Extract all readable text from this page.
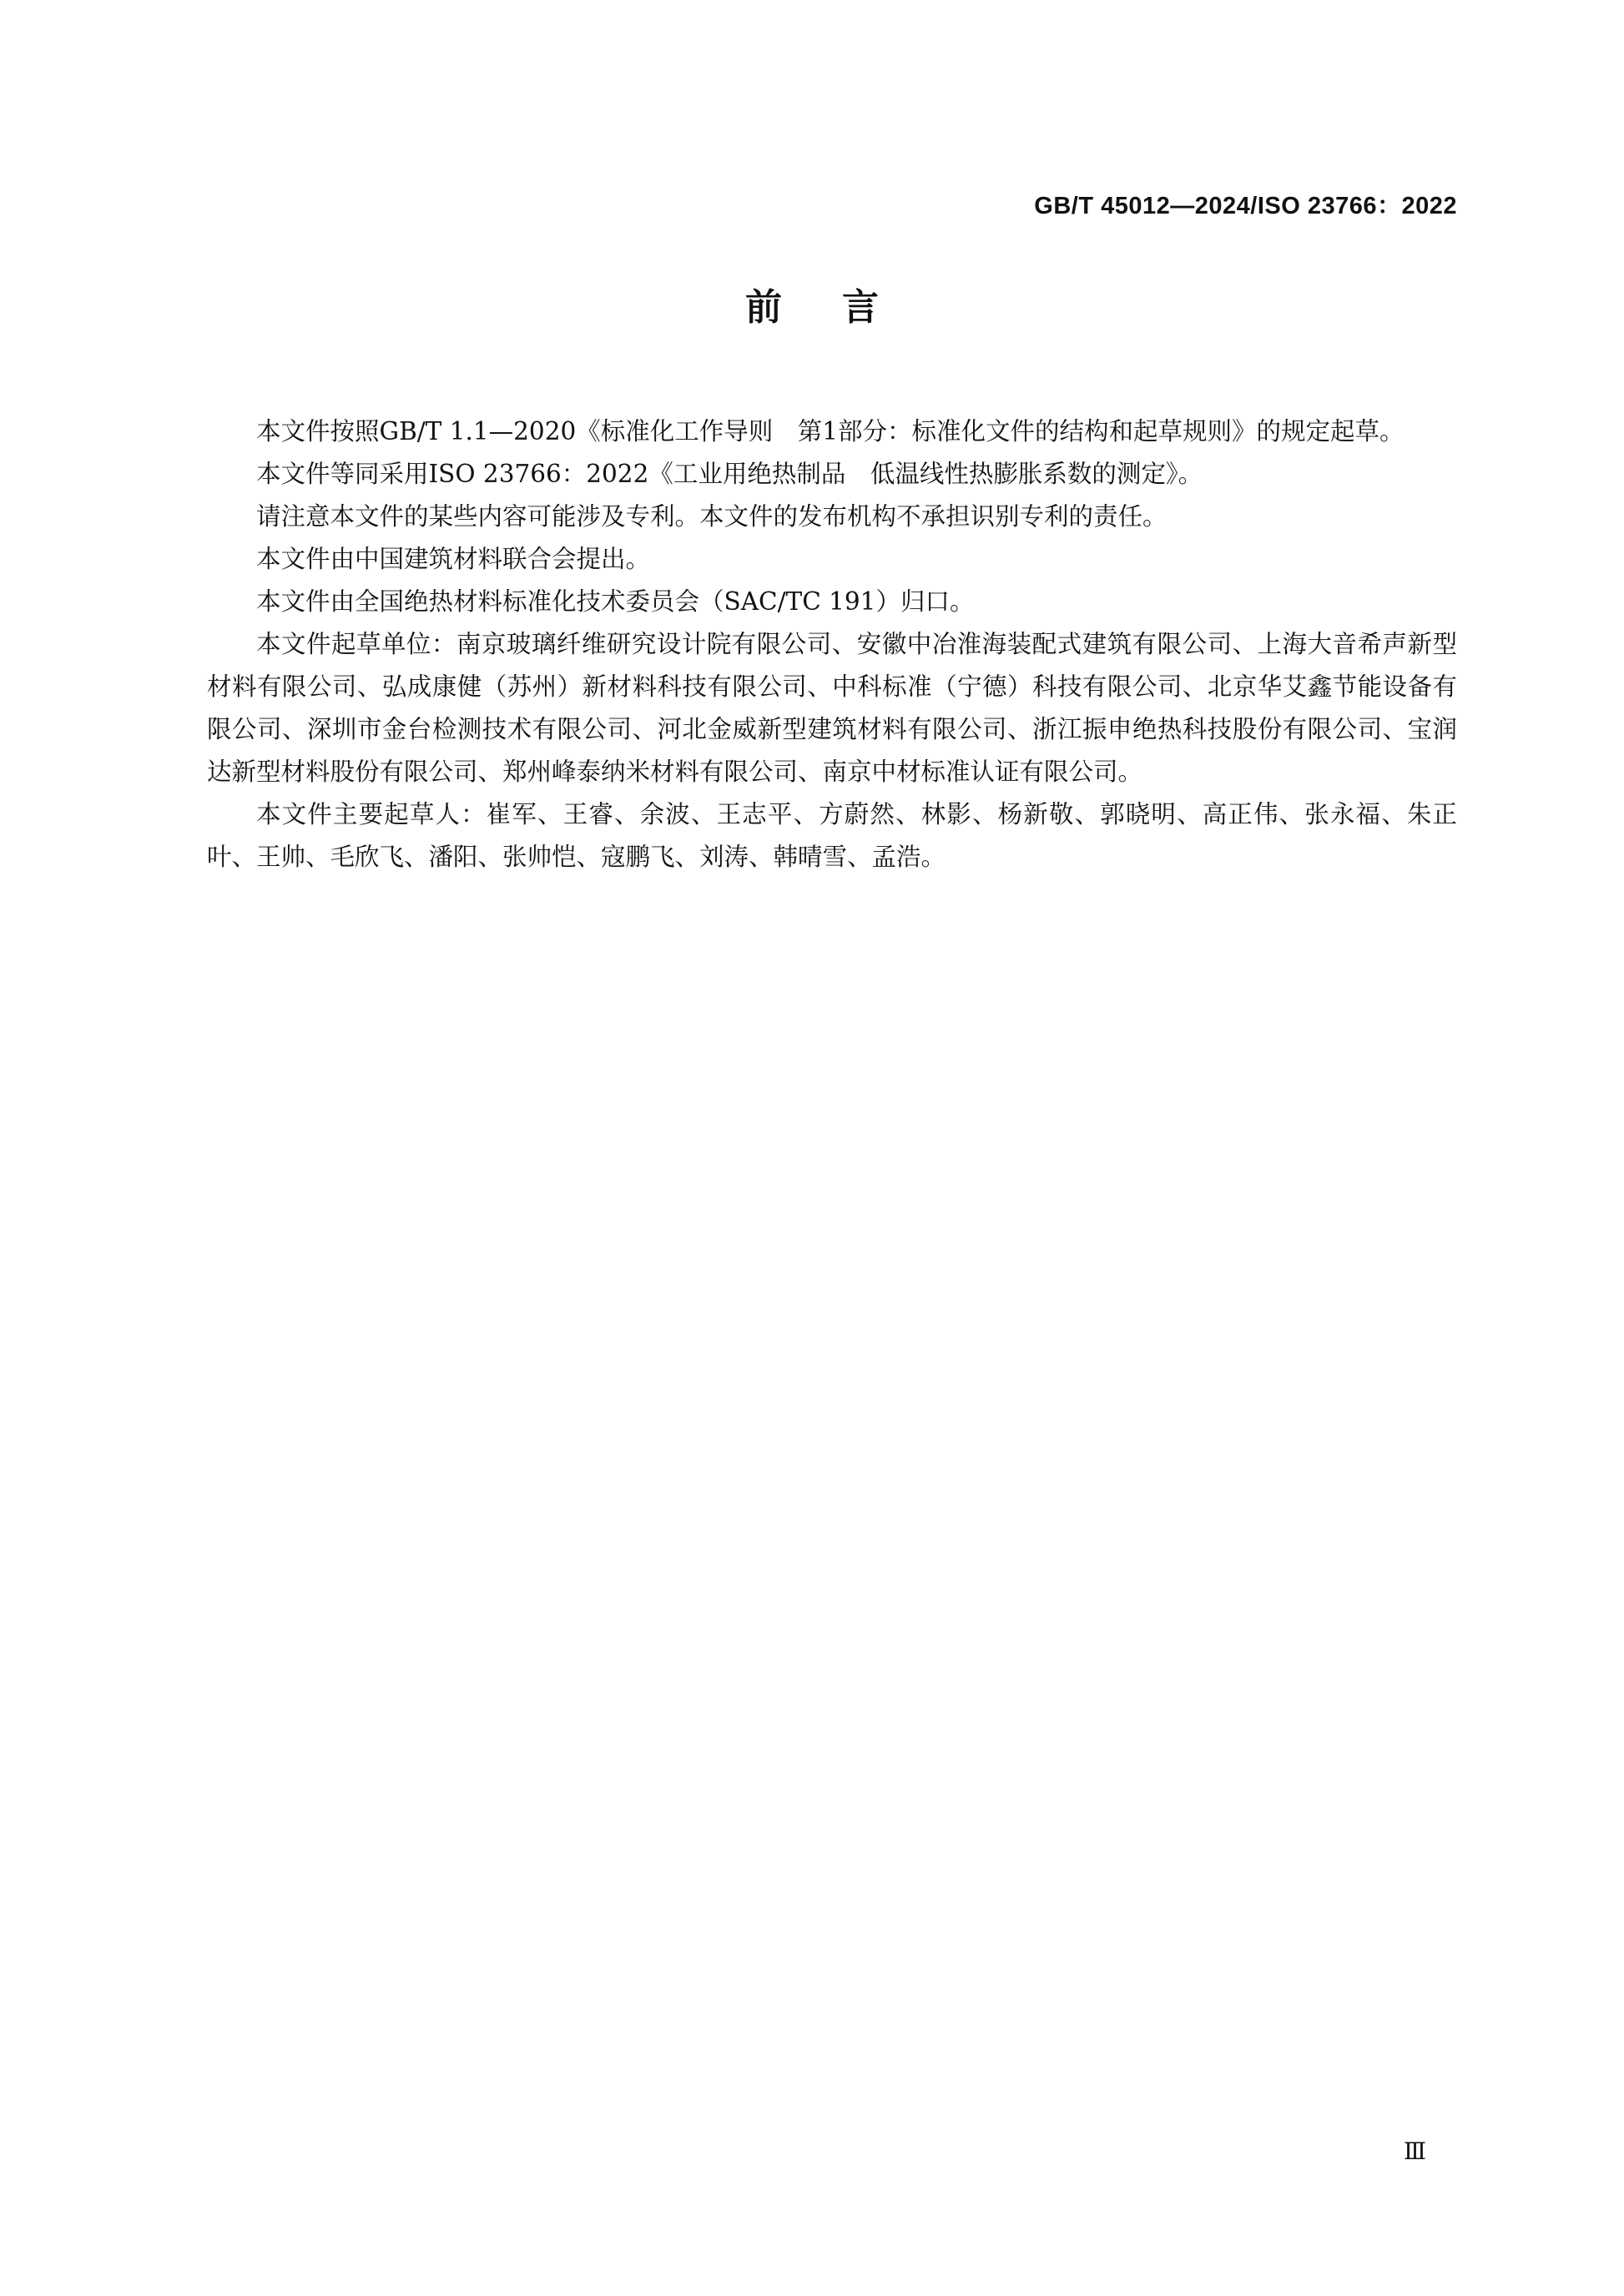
GB/T 45012—2024/ISO 23766：2022
前言

本文件按照GB/T 1.1—2020《标准化工作导则　第1部分：标准化文件的结构和起草规则》的规定起草。

本文件等同采用ISO 23766：2022《工业用绝热制品　低温线性热膨胀系数的测定》。

请注意本文件的某些内容可能涉及专利。本文件的发布机构不承担识别专利的责任。

本文件由中国建筑材料联合会提出。

本文件由全国绝热材料标准化技术委员会（SAC/TC 191）归口。

本文件起草单位：南京玻璃纤维研究设计院有限公司、安徽中冶淮海装配式建筑有限公司、上海大音希声新型材料有限公司、弘成康健（苏州）新材料科技有限公司、中科标准（宁德）科技有限公司、北京华艾鑫节能设备有限公司、深圳市金台检测技术有限公司、河北金威新型建筑材料有限公司、浙江振申绝热科技股份有限公司、宝润达新型材料股份有限公司、郑州峰泰纳米材料有限公司、南京中材标准认证有限公司。

本文件主要起草人：崔军、王睿、余波、王志平、方蔚然、林影、杨新敬、郭晓明、高正伟、张永福、朱正叶、王帅、毛欣飞、潘阳、张帅恺、寇鹏飞、刘涛、韩晴雪、孟浩。

Ⅲ
